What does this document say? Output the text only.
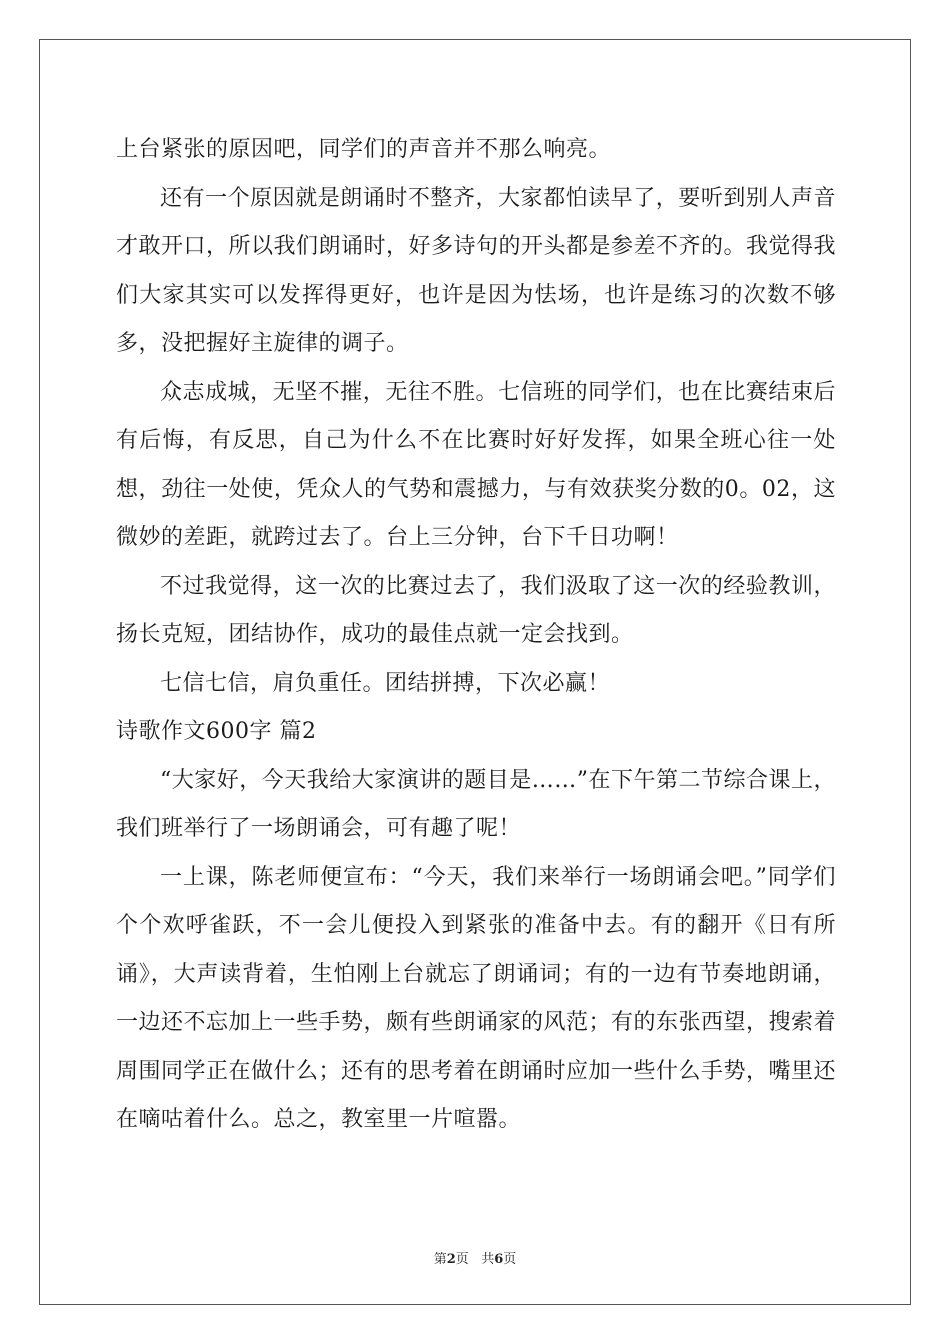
上台紧张的原因吧，同学们的声音并不那么响亮。

还有一个原因就是朗诵时不整齐，大家都怕读早了，要听到别人声音才敢开口，所以我们朗诵时，好多诗句的开头都是参差不齐的。我觉得我们大家其实可以发挥得更好，也许是因为怯场，也许是练习的次数不够多，没把握好主旋律的调子。

众志成城，无坚不摧，无往不胜。七信班的同学们，也在比赛结束后有后悔，有反思，自己为什么不在比赛时好好发挥，如果全班心往一处想，劲往一处使，凭众人的气势和震撼力，与有效获奖分数的0。02，这微妙的差距，就跨过去了。台上三分钟，台下千日功啊！

不过我觉得，这一次的比赛过去了，我们汲取了这一次的经验教训，扬长克短，团结协作，成功的最佳点就一定会找到。

七信七信，肩负重任。团结拼搏，下次必赢！

诗歌作文600字 篇2

“大家好，今天我给大家演讲的题目是……”在下午第二节综合课上，我们班举行了一场朗诵会，可有趣了呢！

一上课，陈老师便宣布：“今天，我们来举行一场朗诵会吧。”同学们个个欢呼雀跃，不一会儿便投入到紧张的准备中去。有的翻开《日有所诵》，大声读背着，生怕刚上台就忘了朗诵词；有的一边有节奏地朗诵，一边还不忘加上一些手势，颇有些朗诵家的风范；有的东张西望，搜索着周围同学正在做什么；还有的思考着在朗诵时应加一些什么手势，嘴里还在嘀咕着什么。总之，教室里一片喧嚣。

第2页 共6页
